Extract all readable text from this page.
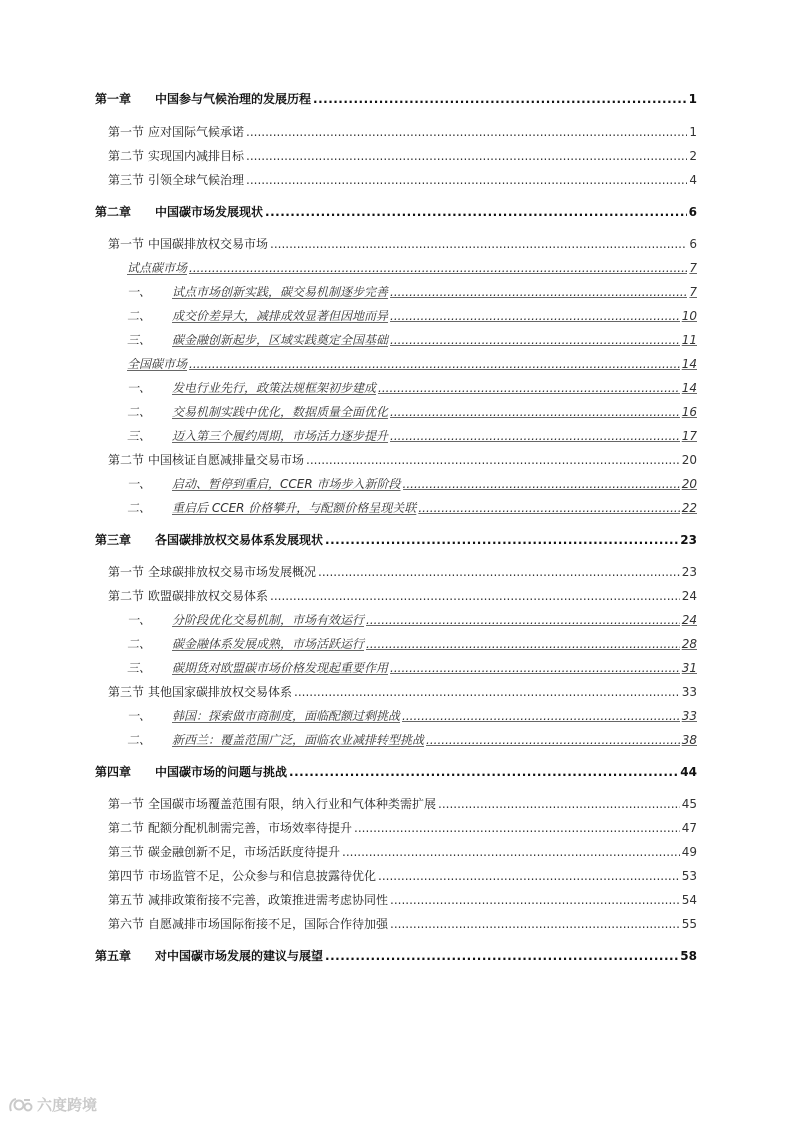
第一章 中国参与气候治理的发展历程 .....	1
第一节 应对国际气候承诺 .....	1
第二节 实现国内减排目标 .....	2
第三节 引领全球气候治理 .....	4
第二章 中国碳市场发展现状 .....	6
第一节 中国碳排放权交易市场 .....	6
试点碳市场 .....	7
一、 试点市场创新实践，碳交易机制逐步完善 .....	7
二、 成交价差异大，减排成效显著但因地而异 .....	10
三、 碳金融创新起步，区域实践奠定全国基础 .....	11
全国碳市场 .....	14
一、 发电行业先行，政策法规框架初步建成 .....	14
二、 交易机制实践中优化，数据质量全面优化 .....	16
三、 迈入第三个履约周期，市场活力逐步提升 .....	17
第二节 中国核证自愿减排量交易市场 .....	20
一、 启动、暂停到重启，CCER 市场步入新阶段 .....	20
二、 重启后 CCER 价格攀升，与配额价格呈现关联 .....	22
第三章 各国碳排放权交易体系发展现状 .....	23
第一节 全球碳排放权交易市场发展概况 .....	23
第二节 欧盟碳排放权交易体系 .....	24
一、 分阶段优化交易机制，市场有效运行 .....	24
二、 碳金融体系发展成熟，市场活跃运行 .....	28
三、 碳期货对欧盟碳市场价格发现起重要作用 .....	31
第三节 其他国家碳排放权交易体系 .....	33
一、 韩国：探索做市商制度，面临配额过剩挑战 .....	33
二、 新西兰：覆盖范围广泛，面临农业减排转型挑战 .....	38
第四章 中国碳市场的问题与挑战 .....	44
第一节 全国碳市场覆盖范围有限，纳入行业和气体种类需扩展 .....	45
第二节 配额分配机制需完善，市场效率待提升 .....	47
第三节 碳金融创新不足，市场活跃度待提升 .....	49
第四节 市场监管不足，公众参与和信息披露待优化 .....	53
第五节 减排政策衔接不完善，政策推进需考虑协同性 .....	54
第六节 自愿减排市场国际衔接不足，国际合作待加强 .....	55
第五章 对中国碳市场发展的建议与展望 .....	58
六度跨境
